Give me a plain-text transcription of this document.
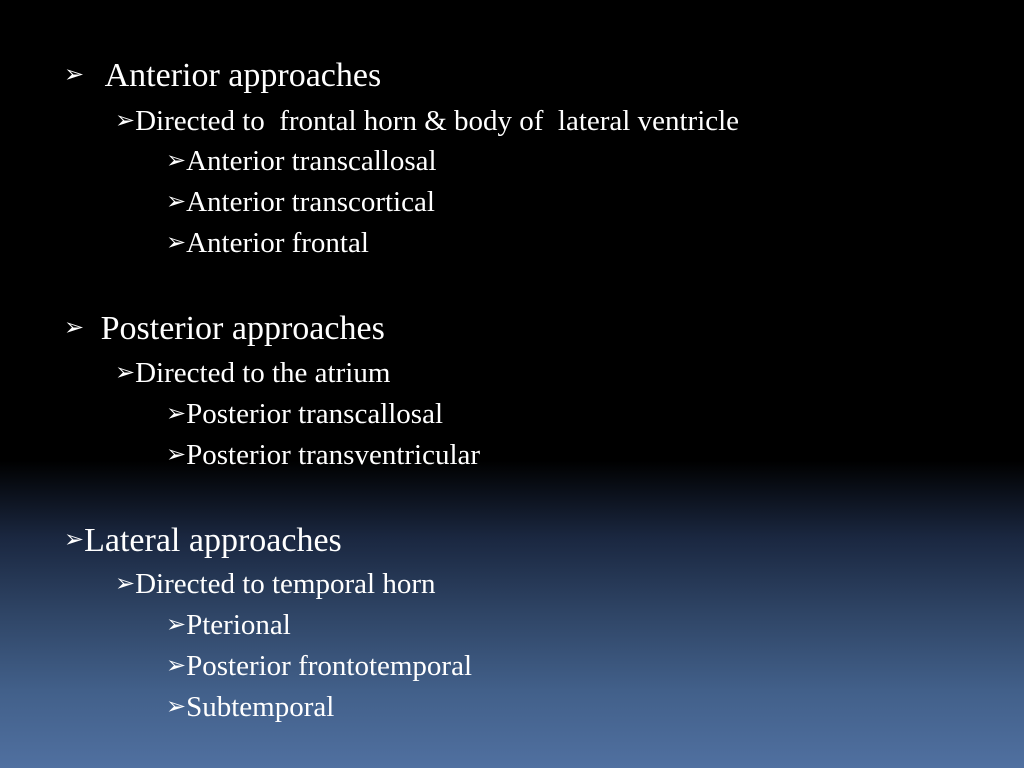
➢ Anterior approaches
➢Directed to  frontal horn & body of  lateral ventricle
➢Anterior transcallosal
➢Anterior transcortical
➢Anterior frontal
➢ Posterior approaches
➢Directed to the atrium
➢Posterior transcallosal
➢Posterior transventricular
➢Lateral approaches
➢Directed to temporal horn
➢Pterional
➢Posterior frontotemporal
➢Subtemporal
